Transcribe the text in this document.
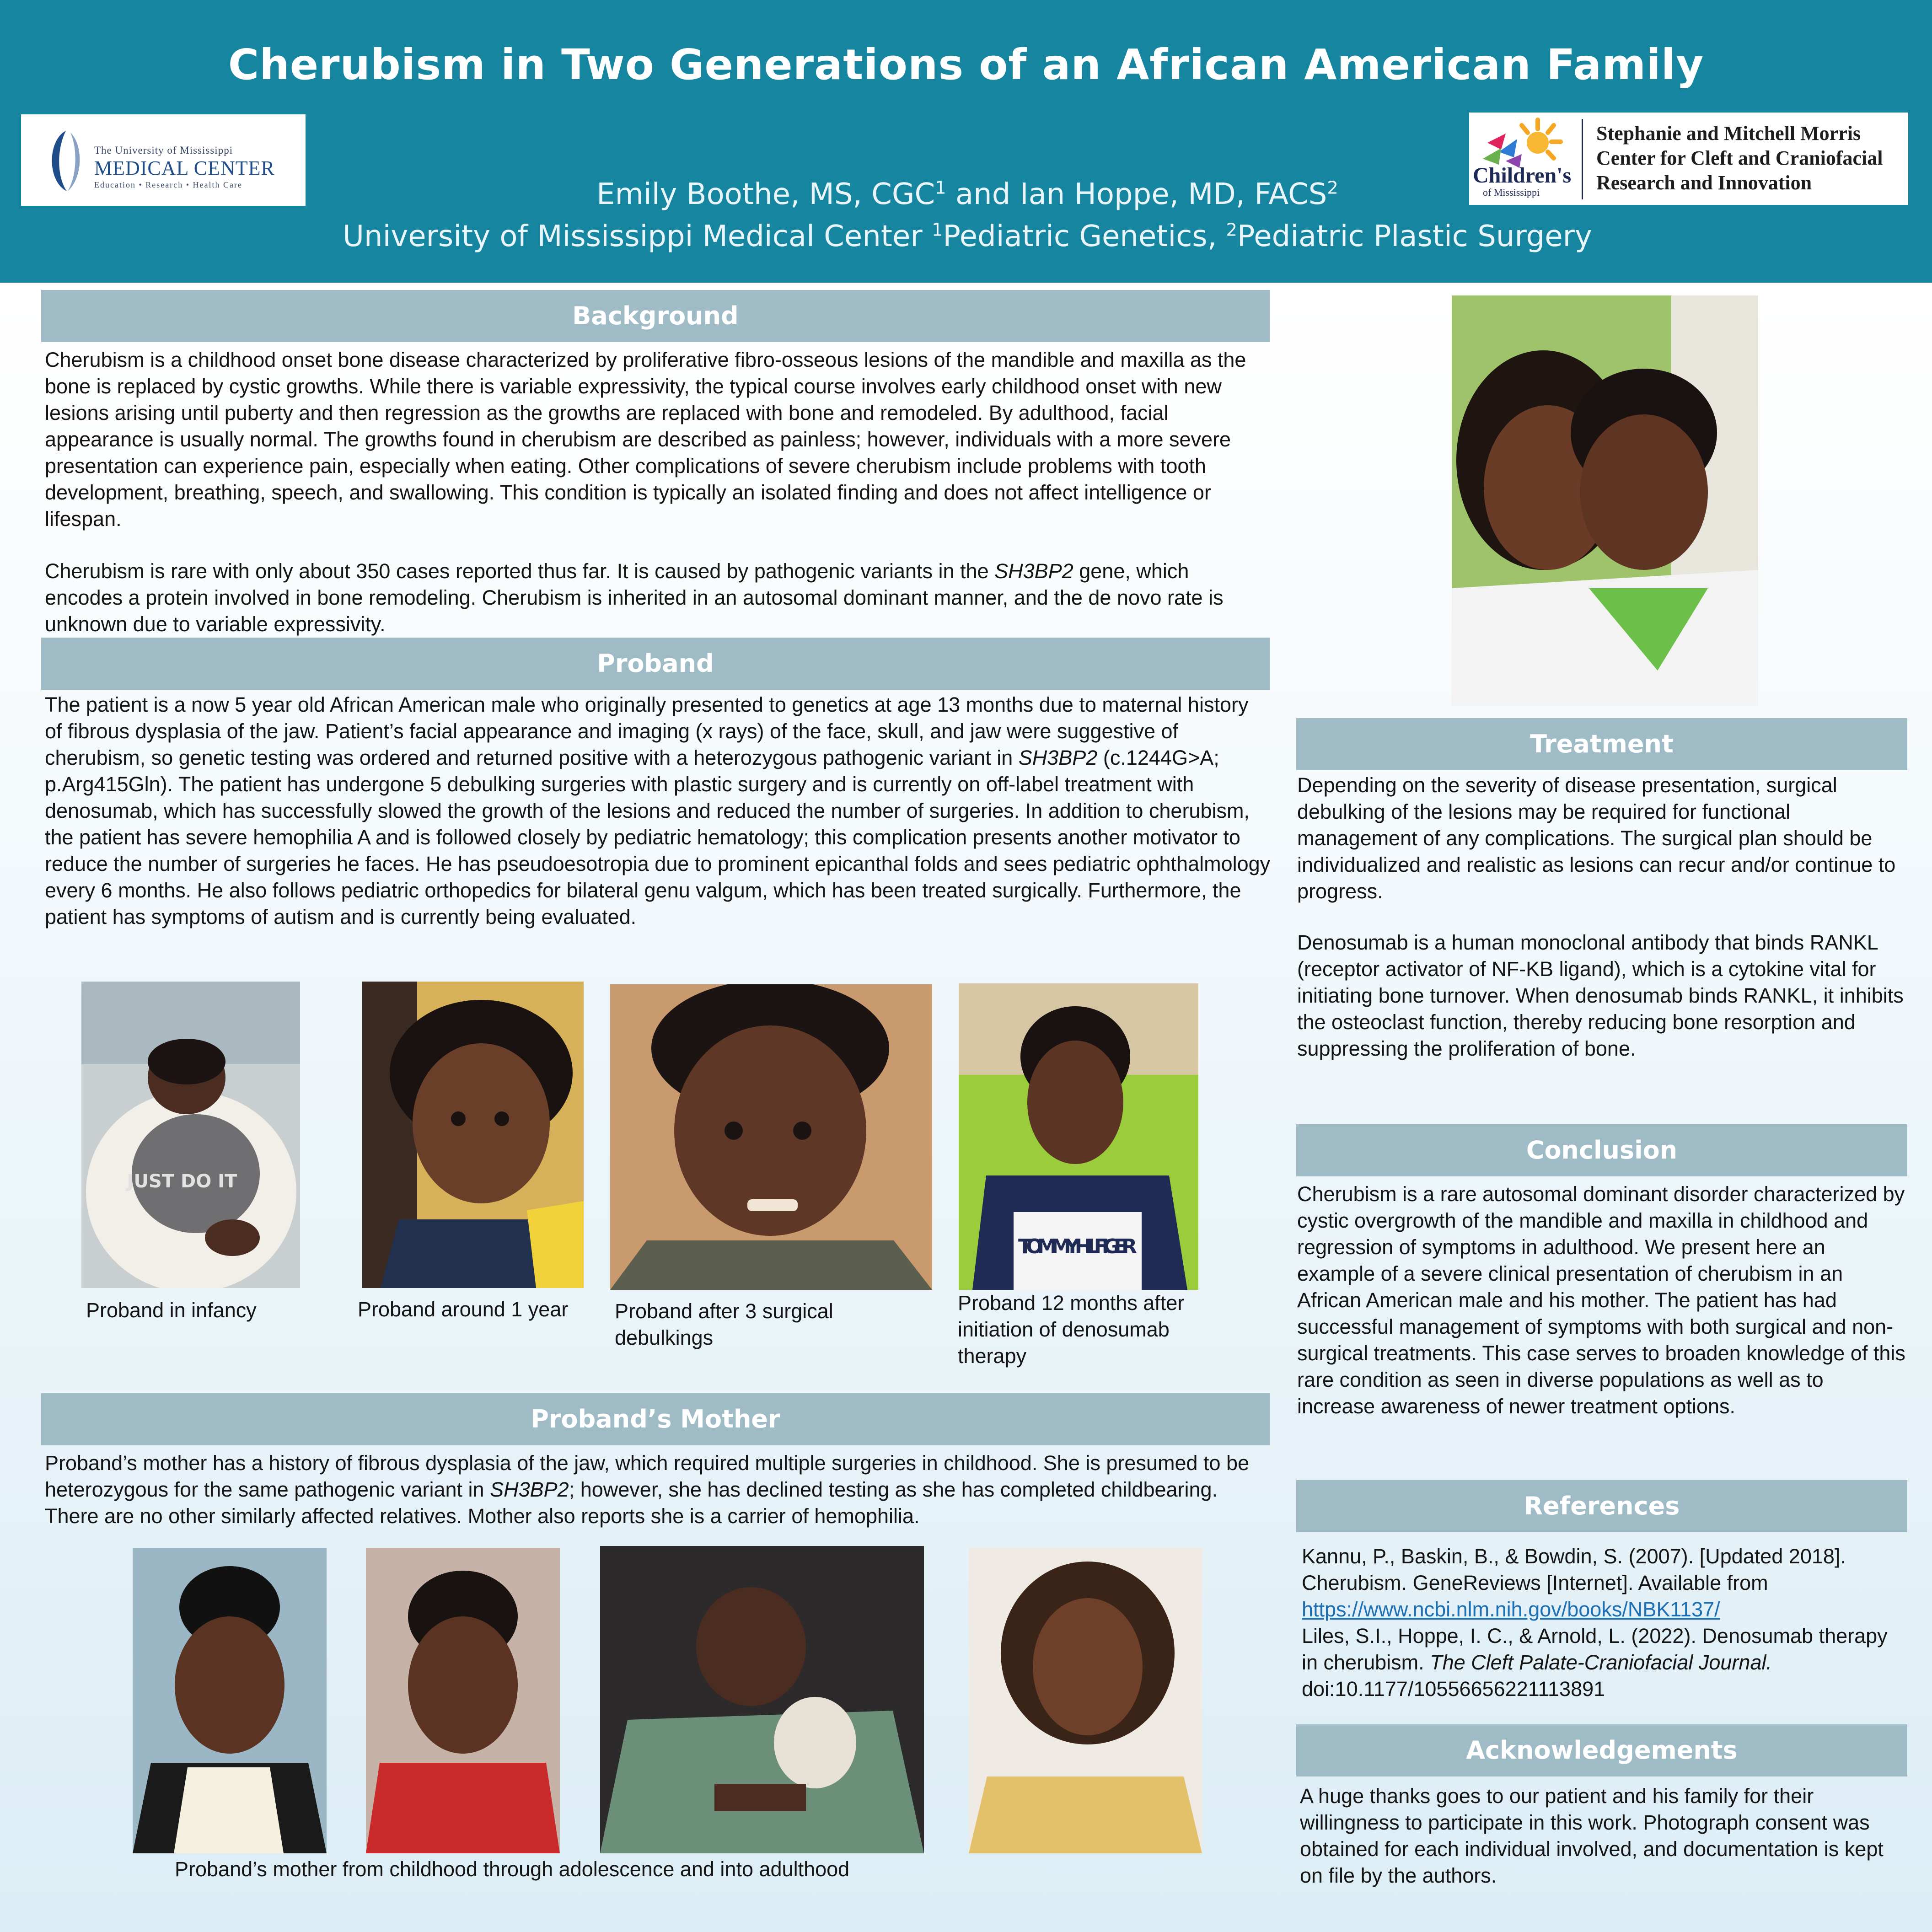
Cherubism in Two Generations of an African American Family
The University of Mississippi
MEDICAL CENTER
Education • Research • Health Care	Children's
of Mississippi
Stephanie and Mitchell Morris
Center for Cleft and Craniofacial
Research and Innovation
Emily Boothe, MS, CGC$^1$ and Ian Hoppe, MD, FACS$^2$
University of Mississippi Medical Center $^1$Pediatric Genetics, $^2$Pediatric Plastic Surgery
Background

Cherubism is a childhood onset bone disease characterized by proliferative fibro-osseous lesions of the mandible and maxilla as the bone is replaced by cystic growths. While there is variable expressivity, the typical course involves early childhood onset with new lesions arising until puberty and then regression as the growths are replaced with bone and remodeled. By adulthood, facial appearance is usually normal. The growths found in cherubism are described as painless; however, individuals with a more severe presentation can experience pain, especially when eating. Other complications of severe cherubism include problems with tooth development, breathing, speech, and swallowing. This condition is typically an isolated finding and does not affect intelligence or lifespan.

Cherubism is rare with only about 350 cases reported thus far. It is caused by pathogenic variants in the SH3BP2 gene, which encodes a protein involved in bone remodeling. Cherubism is inherited in an autosomal dominant manner, and the de novo rate is unknown due to variable expressivity.

Proband

The patient is a now 5 year old African American male who originally presented to genetics at age 13 months due to maternal history of fibrous dysplasia of the jaw. Patient’s facial appearance and imaging (x rays) of the face, skull, and jaw were suggestive of cherubism, so genetic testing was ordered and returned positive with a heterozygous pathogenic variant in SH3BP2 (c.1244G>A; p.Arg415Gln). The patient has undergone 5 debulking surgeries with plastic surgery and is currently on off-label treatment with denosumab, which has successfully slowed the growth of the lesions and reduced the number of surgeries. In addition to cherubism, the patient has severe hemophilia A and is followed closely by pediatric hematology; this complication presents another motivator to reduce the number of surgeries he faces. He has pseudoesotropia due to prominent epicanthal folds and sees pediatric ophthalmology every 6 months. He also follows pediatric orthopedics for bilateral genu valgum, which has been treated surgically. Furthermore, the patient has symptoms of autism and is currently being evaluated.

JUST DO IT
TOMMY HILFIGER
Proband in infancy	Proband around 1 year	Proband after 3 surgical debulkings
Proband 12 months after initiation of denosumab therapy
Proband’s Mother

Proband’s mother has a history of fibrous dysplasia of the jaw, which required multiple surgeries in childhood. She is presumed to be heterozygous for the same pathogenic variant in SH3BP2; however, she has declined testing as she has completed childbearing. There are no other similarly affected relatives. Mother also reports she is a carrier of hemophilia.

Proband’s mother from childhood through adolescence and into adulthood
Treatment

Depending on the severity of disease presentation, surgical debulking of the lesions may be required for functional management of any complications. The surgical plan should be individualized and realistic as lesions can recur and/or continue to progress.

Denosumab is a human monoclonal antibody that binds RANKL (receptor activator of NF-KB ligand), which is a cytokine vital for initiating bone turnover. When denosumab binds RANKL, it inhibits the osteoclast function, thereby reducing bone resorption and suppressing the proliferation of bone.

Conclusion

Cherubism is a rare autosomal dominant disorder characterized by cystic overgrowth of the mandible and maxilla in childhood and regression of symptoms in adulthood. We present here an example of a severe clinical presentation of cherubism in an African American male and his mother. The patient has had successful management of symptoms with both surgical and non-surgical treatments. This case serves to broaden knowledge of this rare condition as seen in diverse populations as well as to increase awareness of newer treatment options.

References

Kannu, P., Baskin, B., & Bowdin, S. (2007). [Updated 2018]. Cherubism. GeneReviews [Internet]. Available from
https://www.ncbi.nlm.nih.gov/books/NBK1137/
Liles, S.I., Hoppe, I. C., & Arnold, L. (2022). Denosumab therapy in cherubism. The Cleft Palate-Craniofacial Journal. doi:10.1177/10556656221113891

Acknowledgements

A huge thanks goes to our patient and his family for their willingness to participate in this work. Photograph consent was obtained for each individual involved, and documentation is kept on file by the authors.
